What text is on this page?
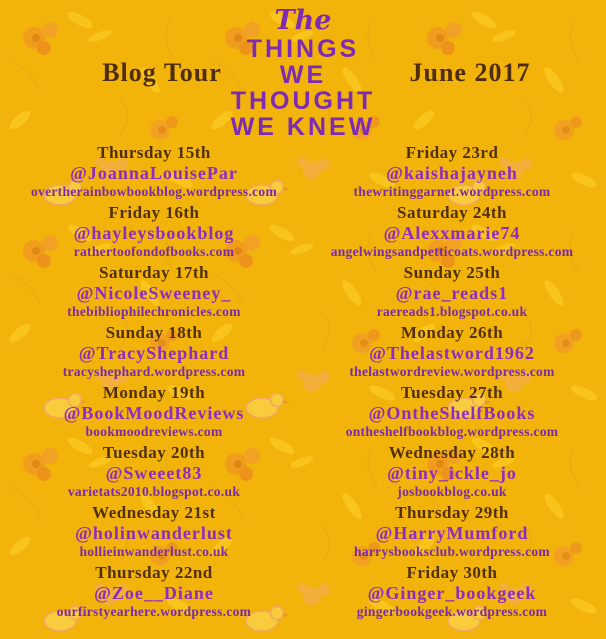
Blog Tour
The
THINGS
WE
THOUGHT
WE KNEW
June 2017
Thursday 15th
@JoannaLouisePar
overtherainbowbookblog.wordpress.com
Friday 16th
@hayleysbookblog
rathertoofondofbooks.com
Saturday 17th
@NicoleSweeney_
thebibliophilechronicles.com
Sunday 18th
@TracyShephard
tracyshephard.wordpress.com
Monday 19th
@BookMoodReviews
bookmoodreviews.com
Tuesday 20th
@Sweeet83
varietats2010.blogspot.co.uk
Wednesday 21st
@holinwanderlust
hollieinwanderlust.co.uk
Thursday 22nd
@Zoe__Diane
ourfirstyearhere.wordpress.com
Friday 23rd
@kaishajayneh
thewritinggarnet.wordpress.com
Saturday 24th
@Alexxmarie74
angelwingsandpetticoats.wordpress.com
Sunday 25th
@rae_reads1
raereads1.blogspot.co.uk
Monday 26th
@Thelastword1962
thelastwordreview.wordpress.com
Tuesday 27th
@OntheShelfBooks
ontheshelfbookblog.wordpress.com
Wednesday 28th
@tiny_ickle_jo
josbookblog.co.uk
Thursday 29th
@HarryMumford
harrysbooksclub.wordpress.com
Friday 30th
@Ginger_bookgeek
gingerbookgeek.wordpress.com
